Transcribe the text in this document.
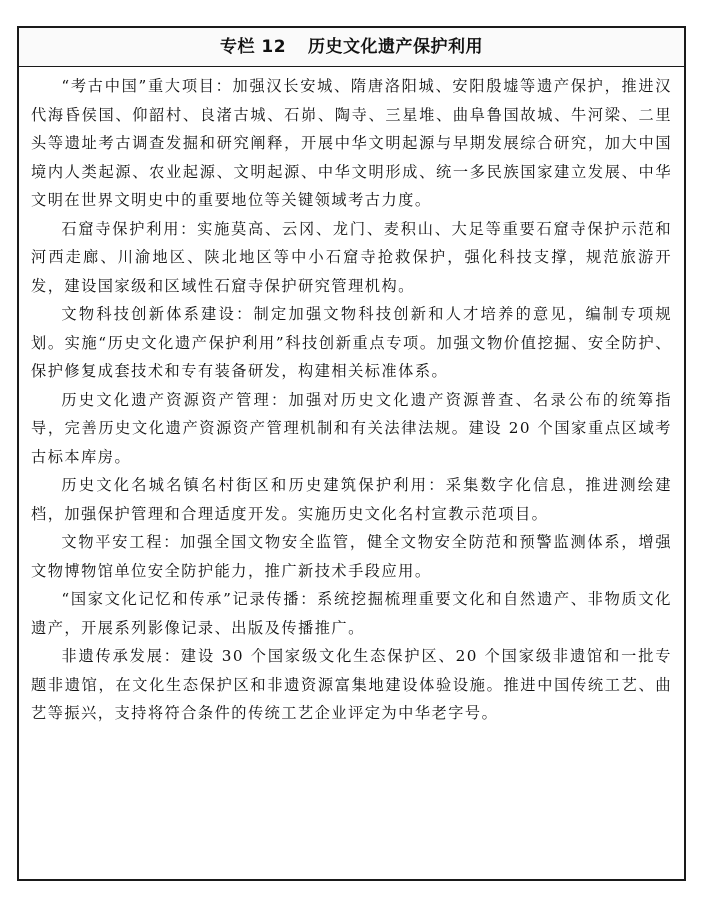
专栏 12 历史文化遗产保护利用

“考古中国”重大项目：加强汉长安城、隋唐洛阳城、安阳殷墟等遗产保护，推进汉代海昏侯国、仰韶村、良渚古城、石峁、陶寺、三星堆、曲阜鲁国故城、牛河梁、二里头等遗址考古调查发掘和研究阐释，开展中华文明起源与早期发展综合研究，加大中国境内人类起源、农业起源、文明起源、中华文明形成、统一多民族国家建立发展、中华文明在世界文明史中的重要地位等关键领域考古力度。

石窟寺保护利用：实施莫高、云冈、龙门、麦积山、大足等重要石窟寺保护示范和河西走廊、川渝地区、陕北地区等中小石窟寺抢救保护，强化科技支撑，规范旅游开发，建设国家级和区域性石窟寺保护研究管理机构。

文物科技创新体系建设：制定加强文物科技创新和人才培养的意见，编制专项规划。实施“历史文化遗产保护利用”科技创新重点专项。加强文物价值挖掘、安全防护、保护修复成套技术和专有装备研发，构建相关标准体系。

历史文化遗产资源资产管理：加强对历史文化遗产资源普查、名录公布的统筹指导，完善历史文化遗产资源资产管理机制和有关法律法规。建设 20 个国家重点区域考古标本库房。

历史文化名城名镇名村街区和历史建筑保护利用：采集数字化信息，推进测绘建档，加强保护管理和合理适度开发。实施历史文化名村宣教示范项目。

文物平安工程：加强全国文物安全监管，健全文物安全防范和预警监测体系，增强文物博物馆单位安全防护能力，推广新技术手段应用。

“国家文化记忆和传承”记录传播：系统挖掘梳理重要文化和自然遗产、非物质文化遗产，开展系列影像记录、出版及传播推广。

非遗传承发展：建设 30 个国家级文化生态保护区、20 个国家级非遗馆和一批专题非遗馆，在文化生态保护区和非遗资源富集地建设体验设施。推进中国传统工艺、曲艺等振兴，支持将符合条件的传统工艺企业评定为中华老字号。
